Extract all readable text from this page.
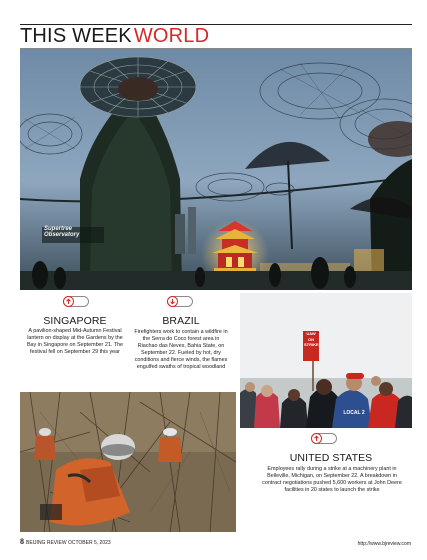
THIS WEEK WORLD
Supertree
Observatory
SINGAPORE
A pavilion-shaped Mid-Autumn Festival lantern on display at the Gardens by the Bay in Singapore on September 21. The festival fell on September 29 this year
BRAZIL
Firefighters work to contain a wildfire in the Serra do Coco forest area in Riachao das Neves, Bahia State, on September 22. Fueled by hot, dry conditions and fierce winds, the flames engulfed swaths of tropical woodland
UAW
ON STRIKE
LOCAL 2
UNITED STATES
Employees rally during a strike at a machinery plant in Belleville, Michigan, on September 22. A breakdown in contract negotiations pushed 5,600 workers at John Deere facilities in 20 states to launch the strike
8 BEIJING REVIEW OCTOBER 5, 2023	http://www.bjreview.com
